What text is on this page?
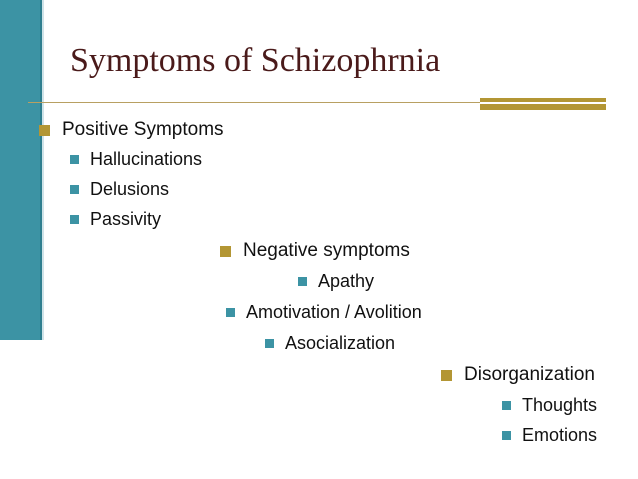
Symptoms of Schizophrnia
Positive Symptoms
Hallucinations
Delusions
Passivity
Negative symptoms
Apathy
Amotivation / Avolition
Asocialization
Disorganization
Thoughts
Emotions
